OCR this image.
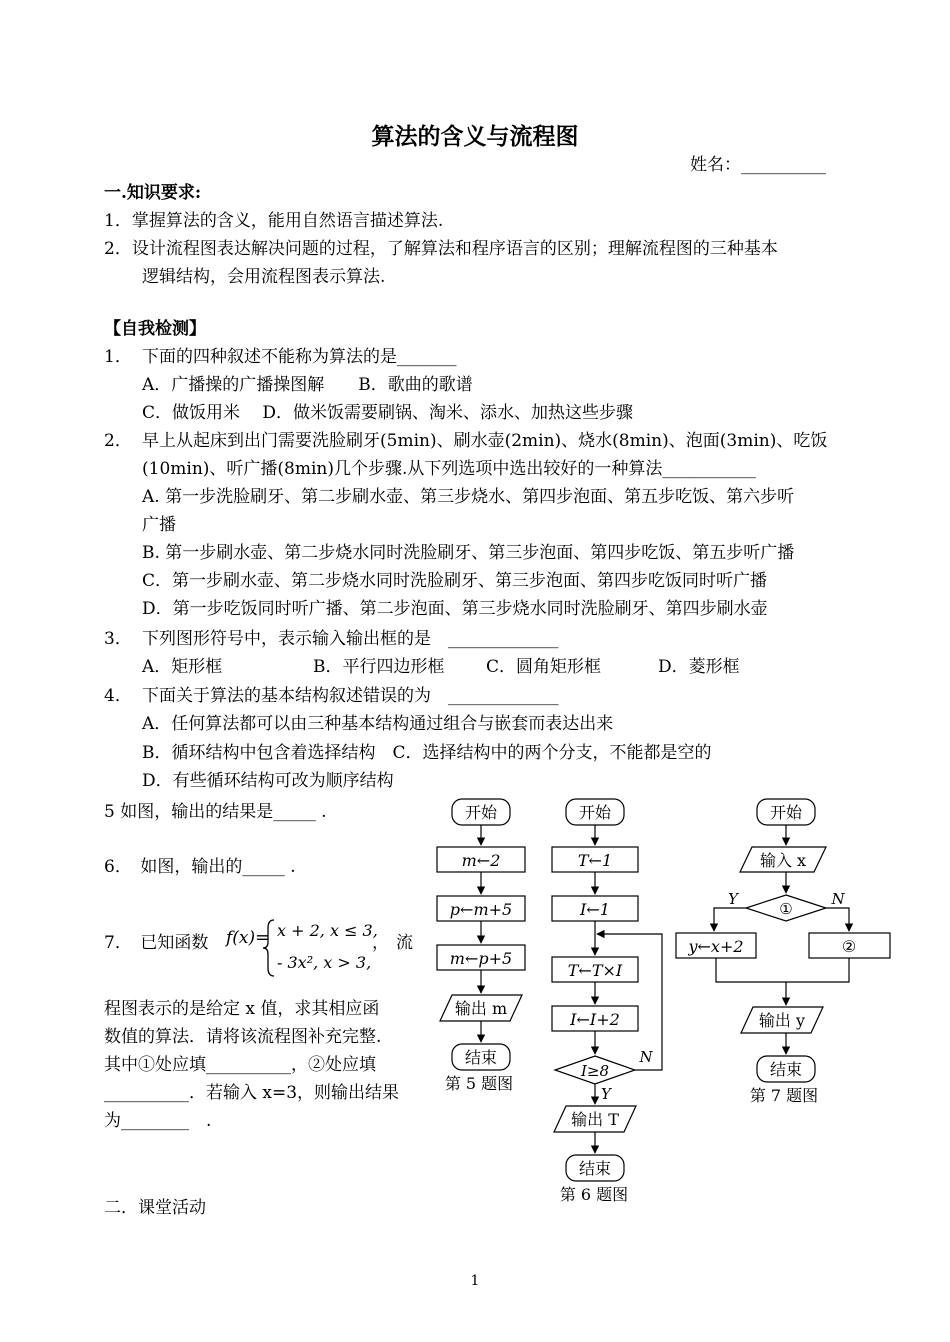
算法的含义与流程图
姓名：__________
一.知识要求:
1．掌握算法的含义，能用自然语言描述算法.
2．设计流程图表达解决问题的过程，了解算法和程序语言的区别；理解流程图的三种基本
逻辑结构，会用流程图表示算法.
【自我检测】
1． 下面的四种叙述不能称为算法的是_______
A．广播操的广播操图解　　B．歌曲的歌谱
C．做饭用米　 D．做米饭需要刷锅、淘米、添水、加热这些步骤
2． 早上从起床到出门需要洗脸刷牙(5min)、刷水壶(2min)、烧水(8min)、泡面(3min)、吃饭
(10min)、听广播(8min)几个步骤.从下列选项中选出较好的一种算法___________
A. 第一步洗脸刷牙、第二步刷水壶、第三步烧水、第四步泡面、第五步吃饭、第六步听
广播
B. 第一步刷水壶、第二步烧水同时洗脸刷牙、第三步泡面、第四步吃饭、第五步听广播
C．第一步刷水壶、第二步烧水同时洗脸刷牙、第三步泡面、第四步吃饭同时听广播
D．第一步吃饭同时听广播、第二步泡面、第三步烧水同时洗脸刷牙、第四步刷水壶
3． 下列图形符号中，表示输入输出框的是　_____________
A．矩形框	B．平行四边形框 C．圆角矩形框	D．菱形框
4． 下面关于算法的基本结构叙述错误的为　_____________
A．任何算法都可以由三种基本结构通过组合与嵌套而表达出来
B．循环结构中包含着选择结构　C．选择结构中的两个分支，不能都是空的
D．有些循环结构可改为顺序结构
5 如图，输出的结果是_____ .
6．　如图，输出的_____ .
7．　已知函数 f(x)= x + 2, x ≤ 3,
- 3x², x > 3,
， 流
程图表示的是给定 x 值，求其相应函
数值的算法．请将该流程图补充完整.
其中①处应填__________，②处应填
__________．若输入 x=3，则输出结果
为________　.
二．课堂活动
开始
m←2
p←m+5
m←p+5
输出 m
结束
第 5 题图
开始
T←1
I←1
T←T×I
I←I+2
I≥8
Y
N
输出 T
结束
第 6 题图
开始
输入 x
①
Y	N
y←x+2	②
输出 y
结束
第 7 题图
1
